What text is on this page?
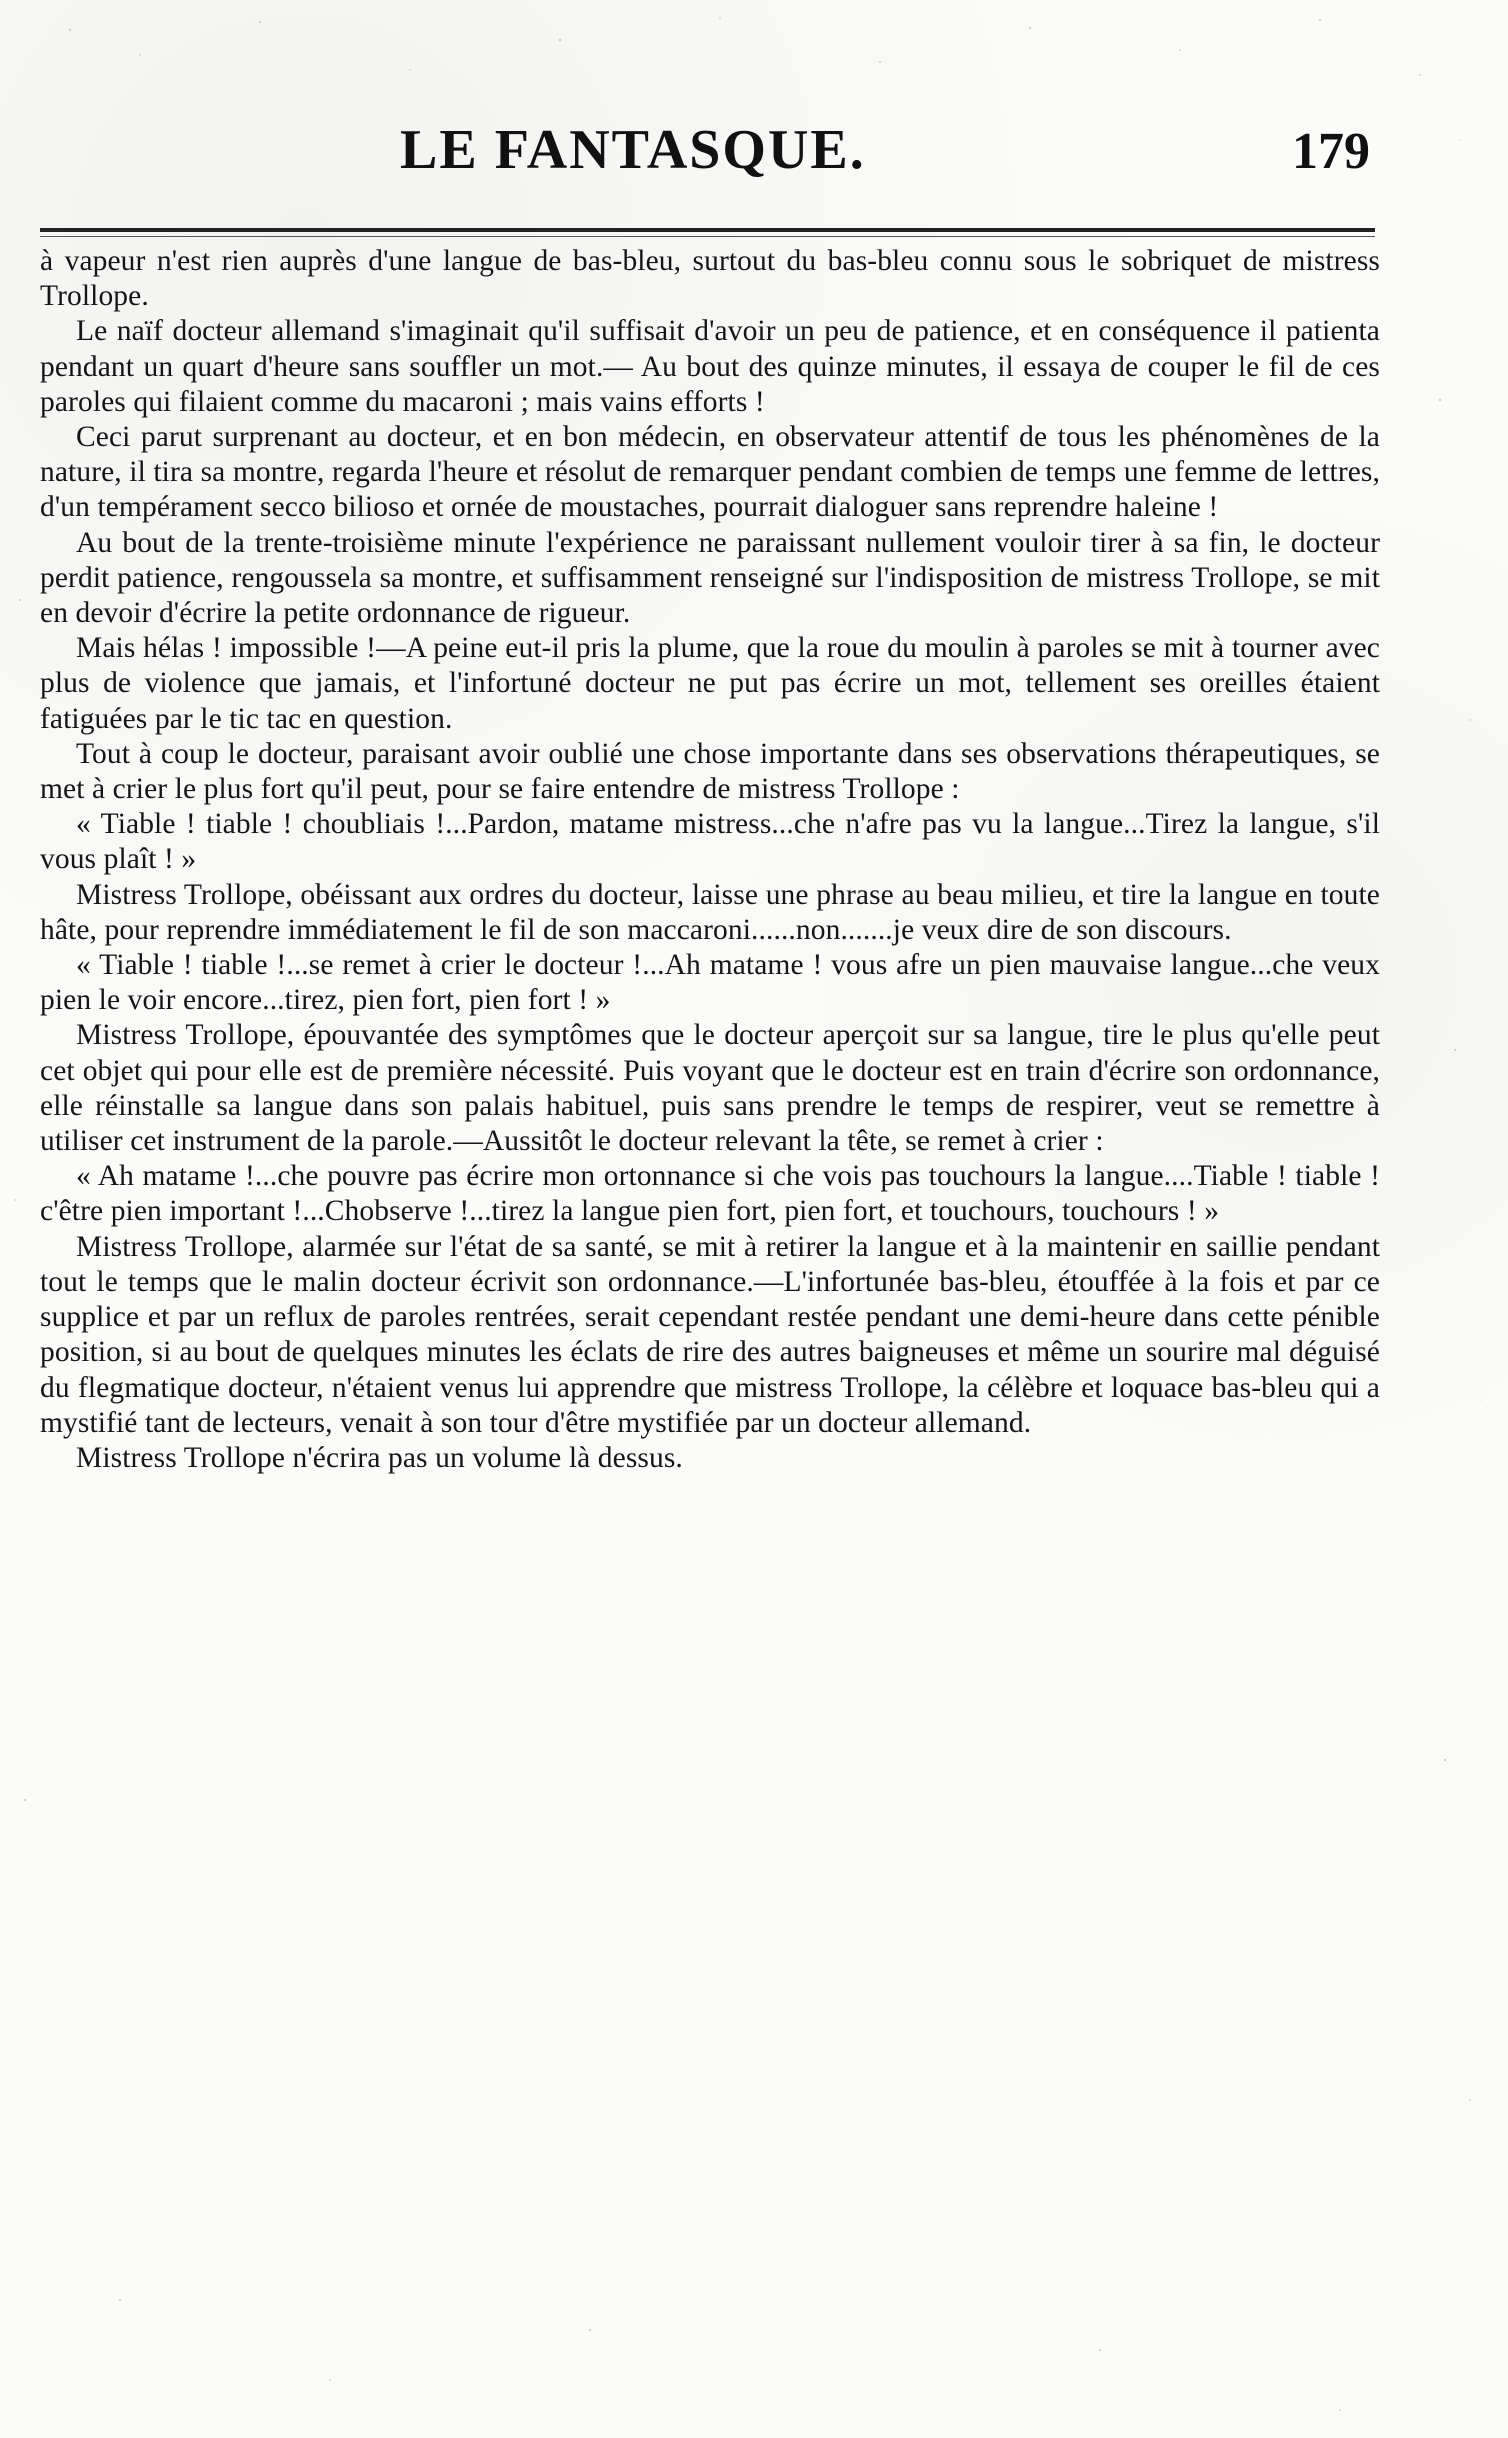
LE FANTASQUE.	179

à vapeur n'est rien auprès d'une langue de bas-bleu, surtout du bas-bleu connu sous le sobriquet de mistress Trollope.

Le naïf docteur allemand s'imaginait qu'il suffisait d'avoir un peu de patience, et en conséquence il patienta pendant un quart d'heure sans souffler un mot.— Au bout des quinze minutes, il essaya de couper le fil de ces paroles qui filaient comme du macaroni ; mais vains efforts !

Ceci parut surprenant au docteur, et en bon médecin, en observateur attentif de tous les phénomènes de la nature, il tira sa montre, regarda l'heure et résolut de remarquer pendant combien de temps une femme de lettres, d'un tempérament secco bilioso et ornée de moustaches, pourrait dialoguer sans reprendre haleine !

Au bout de la trente-troisième minute l'expérience ne paraissant nullement vouloir tirer à sa fin, le docteur perdit patience, rengoussela sa montre, et suffisamment renseigné sur l'indisposition de mistress Trollope, se mit en devoir d'écrire la petite ordonnance de rigueur.

Mais hélas ! impossible !—A peine eut-il pris la plume, que la roue du moulin à paroles se mit à tourner avec plus de violence que jamais, et l'infortuné docteur ne put pas écrire un mot, tellement ses oreilles étaient fatiguées par le tic tac en question.

Tout à coup le docteur, paraisant avoir oublié une chose importante dans ses observations thérapeutiques, se met à crier le plus fort qu'il peut, pour se faire entendre de mistress Trollope :

« Tiable ! tiable ! choubliais !...Pardon, matame mistress...che n'afre pas vu la langue...Tirez la langue, s'il vous plaît ! »

Mistress Trollope, obéissant aux ordres du docteur, laisse une phrase au beau milieu, et tire la langue en toute hâte, pour reprendre immédiatement le fil de son maccaroni......non.......je veux dire de son discours.

« Tiable ! tiable !...se remet à crier le docteur !...Ah matame ! vous afre un pien mauvaise langue...che veux pien le voir encore...tirez, pien fort, pien fort ! »

Mistress Trollope, épouvantée des symptômes que le docteur aperçoit sur sa langue, tire le plus qu'elle peut cet objet qui pour elle est de première nécessité. Puis voyant que le docteur est en train d'écrire son ordonnance, elle réinstalle sa langue dans son palais habituel, puis sans prendre le temps de respirer, veut se remettre à utiliser cet instrument de la parole.—Aussitôt le docteur relevant la tête, se remet à crier :

« Ah matame !...che pouvre pas écrire mon ortonnance si che vois pas touchours la langue....Tiable ! tiable ! c'être pien important !...Chobserve !...tirez la langue pien fort, pien fort, et touchours, touchours ! »

Mistress Trollope, alarmée sur l'état de sa santé, se mit à retirer la langue et à la maintenir en saillie pendant tout le temps que le malin docteur écrivit son ordonnance.—L'infortunée bas-bleu, étouffée à la fois et par ce supplice et par un reflux de paroles rentrées, serait cependant restée pendant une demi-heure dans cette pénible position, si au bout de quelques minutes les éclats de rire des autres baigneuses et même un sourire mal déguisé du flegmatique docteur, n'étaient venus lui apprendre que mistress Trollope, la célèbre et loquace bas-bleu qui a mystifié tant de lecteurs, venait à son tour d'être mystifiée par un docteur allemand.

Mistress Trollope n'écrira pas un volume là dessus.
